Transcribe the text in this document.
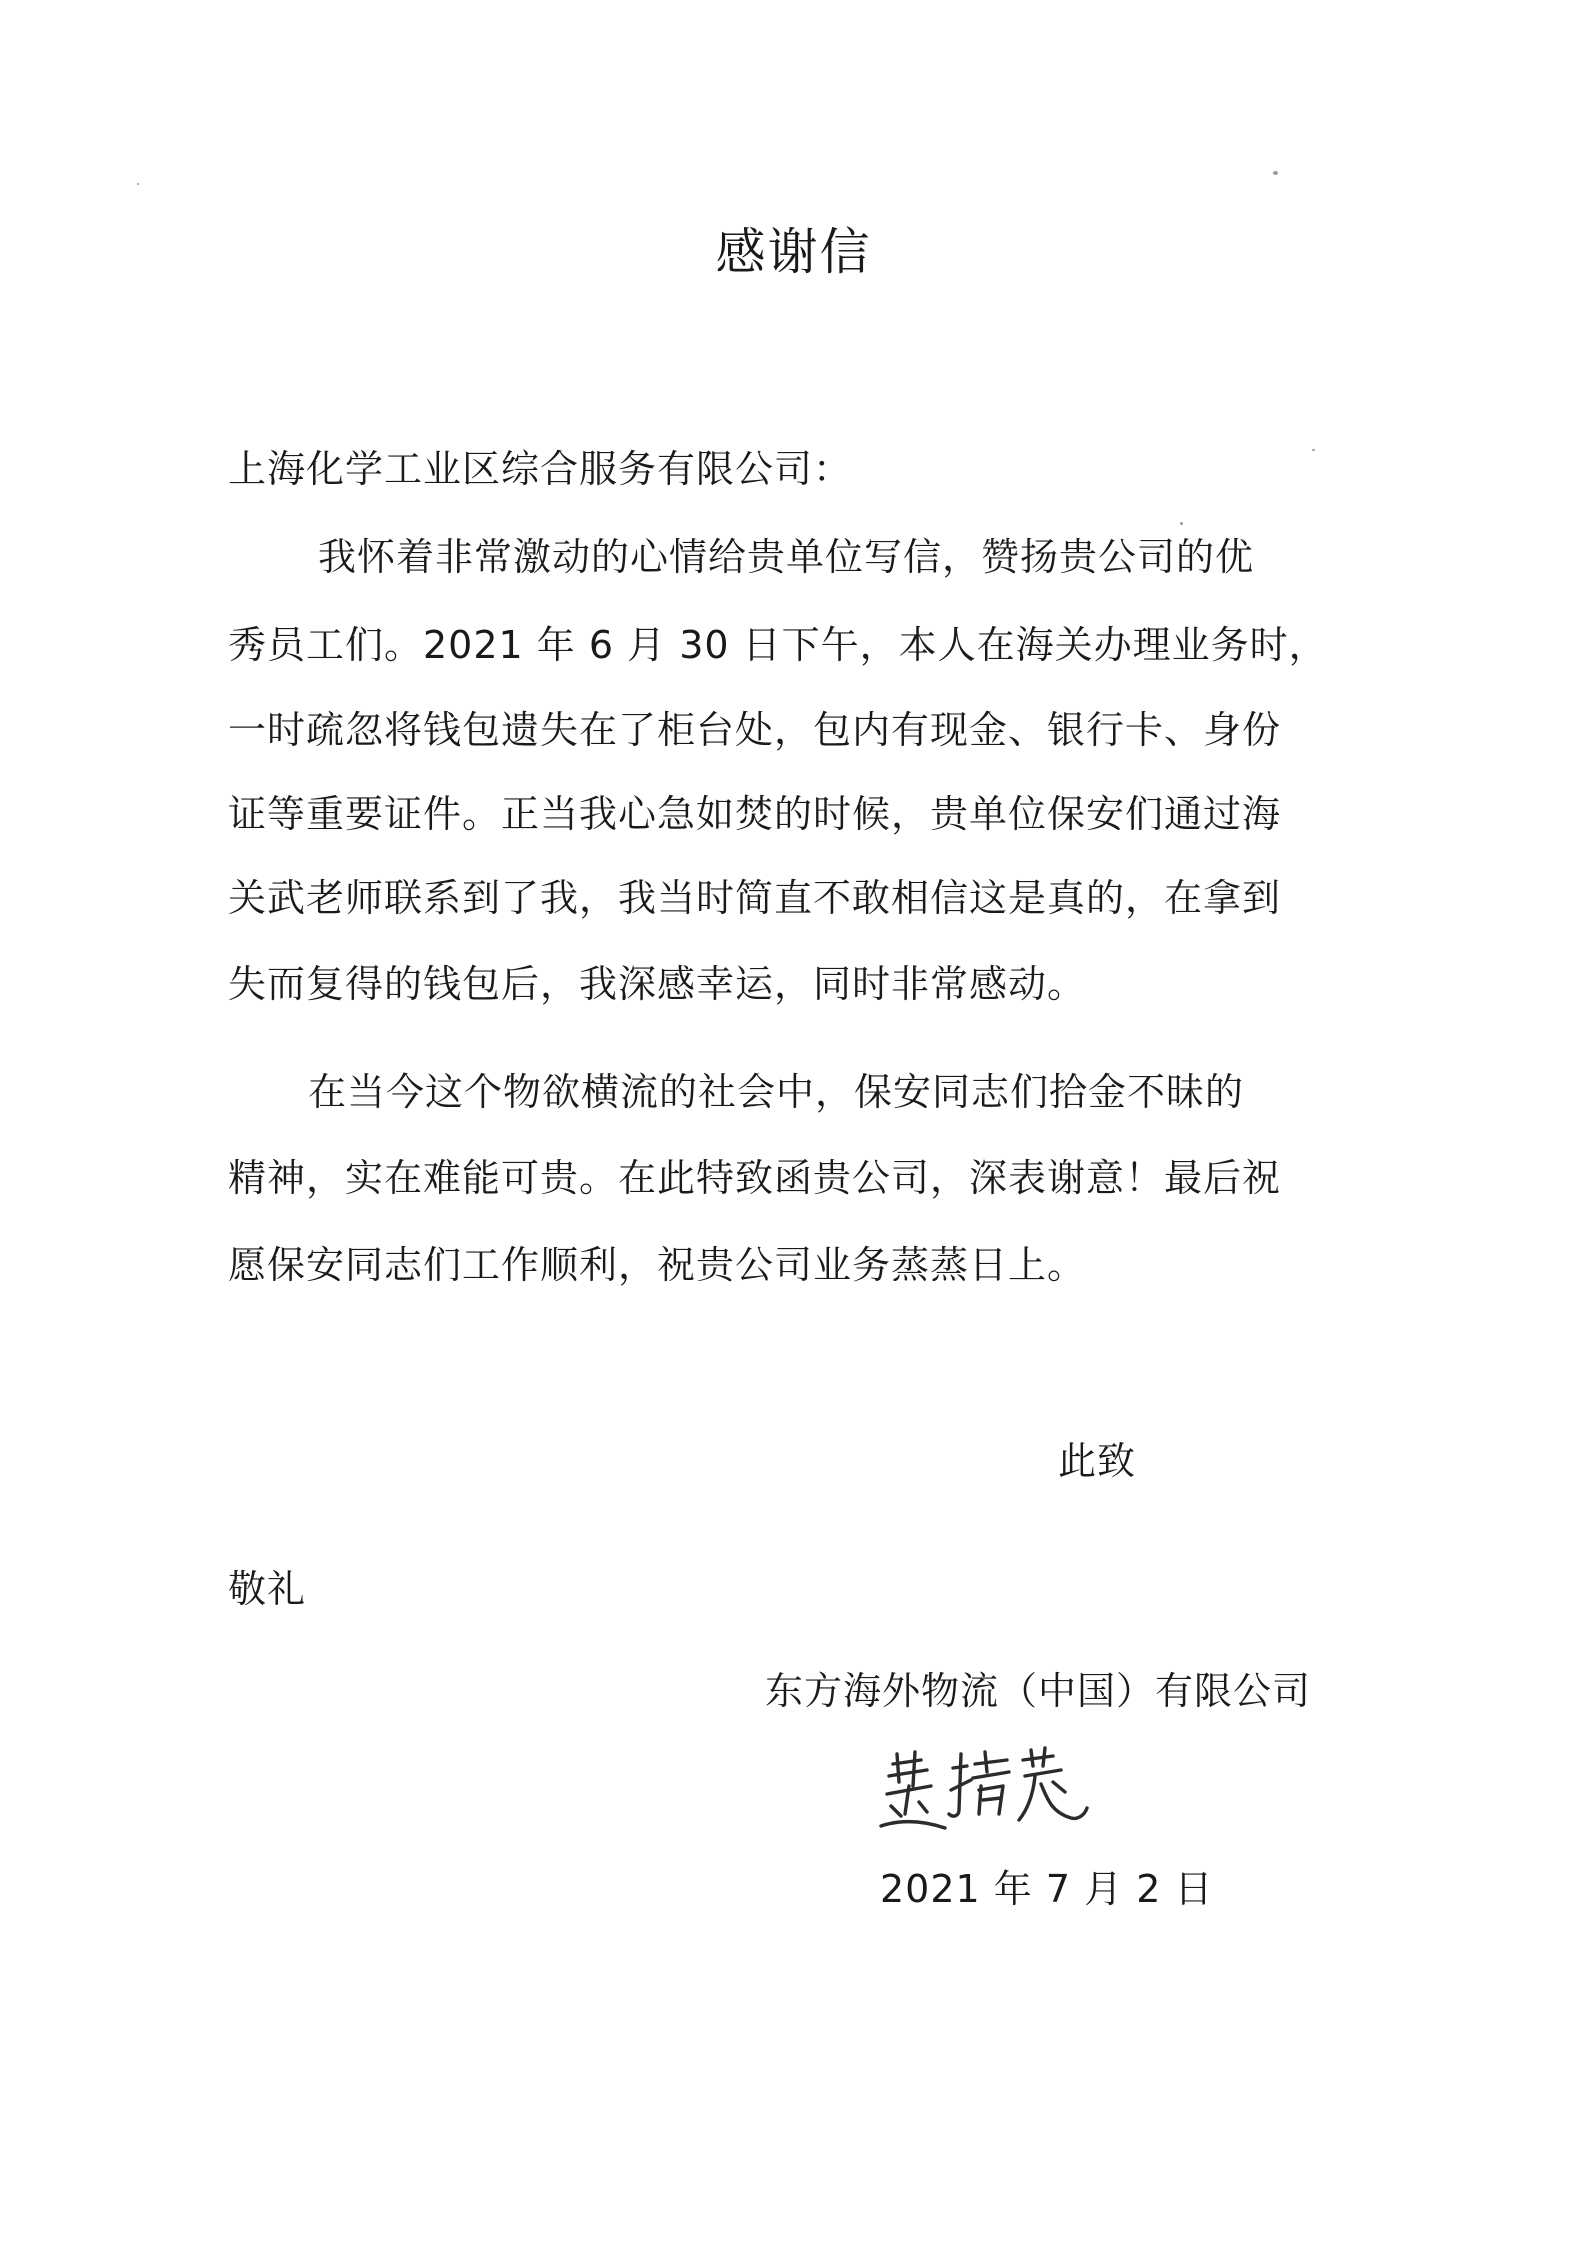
感谢信
上海化学工业区综合服务有限公司：
我怀着非常激动的心情给贵单位写信，赞扬贵公司的优
秀员工们。2021 年 6 月 30 日下午，本人在海关办理业务时，
一时疏忽将钱包遗失在了柜台处，包内有现金、银行卡、身份
证等重要证件。正当我心急如焚的时候，贵单位保安们通过海
关武老师联系到了我，我当时简直不敢相信这是真的，在拿到
失而复得的钱包后，我深感幸运，同时非常感动。
在当今这个物欲横流的社会中，保安同志们拾金不昧的
精神，实在难能可贵。在此特致函贵公司，深表谢意！最后祝
愿保安同志们工作顺利，祝贵公司业务蒸蒸日上。
此致
敬礼
东方海外物流（中国）有限公司
2021 年 7 月 2 日
